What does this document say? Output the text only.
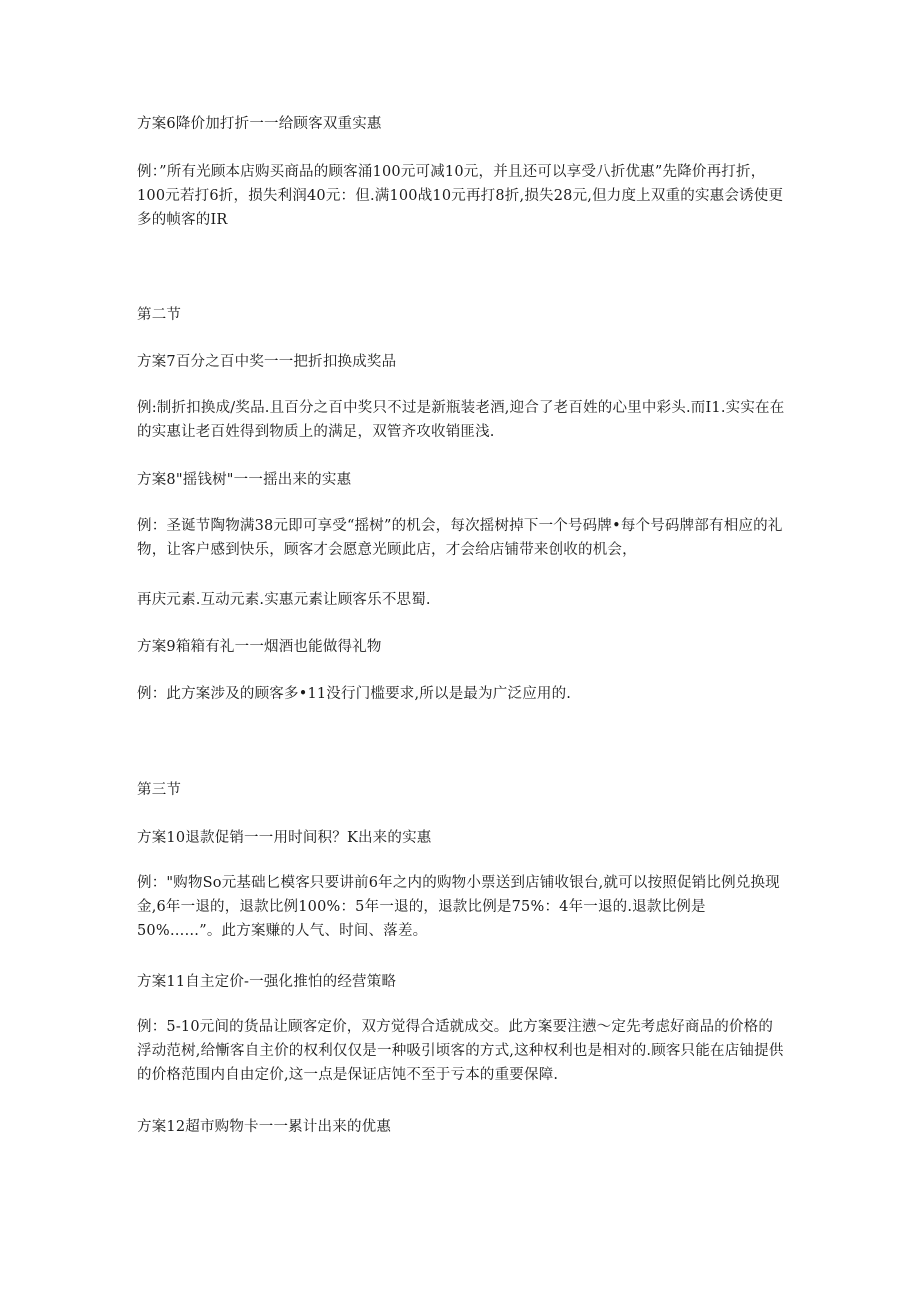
方案6降价加打折一一给顾客双重实惠
例：”所有光顾本店购买商品的顾客涌100元可减10元，并且还可以享受八折优惠”先降价再打折，100元若打6折，损失利润40元：但.满100战10元再打8折,损失28元,但力度上双重的实惠会诱使更多的帧客的IR
第二节
方案7百分之百中奖一一把折扣换成奖品
例:制折扣换成/奖品.且百分之百中奖只不过是新瓶装老酒,迎合了老百姓的心里中彩头.而I1.实实在在的实惠让老百姓得到物质上的满足，双管齐攻收销匪浅.
方案8"摇钱树"一一摇出来的实惠
例：圣诞节陶物满38元即可享受“摇树”的机会，每次摇树掉下一个号码牌•每个号码牌部有相应的礼物，让客户感到快乐，顾客才会愿意光顾此店，才会给店铺带来创收的机会，
再庆元素.互动元素.实惠元素让顾客乐不思蜀.
方案9箱箱有礼一一烟酒也能做得礼物
例：此方案涉及的顾客多•11没行门槛要求,所以是最为广泛应用的.
第三节
方案10退款促销一一用时间积？K出来的实惠
例："购物So元基础匕模客只要讲前6年之内的购物小票送到店铺收银台,就可以按照促销比例兑换现金,6年一退的，退款比例100%：5年一退的，退款比例是75%：4年一退的.退款比例是50%……”。此方案赚的人气、时间、落差。
方案11自主定价-一强化推怕的经营策略
例：5-10元间的货品让顾客定价，双方觉得合适就成交。此方案要注懑〜定先考虑好商品的价格的浮动范树,给慚客自主价的权利仅仅是一种吸引顷客的方式,这种权利也是相对的.顾客只能在店铀提供的价格范围内自由定价,这一点是保证店饨不至于亏本的重要保障.
方案12超市购物卡一一累计出来的优惠
